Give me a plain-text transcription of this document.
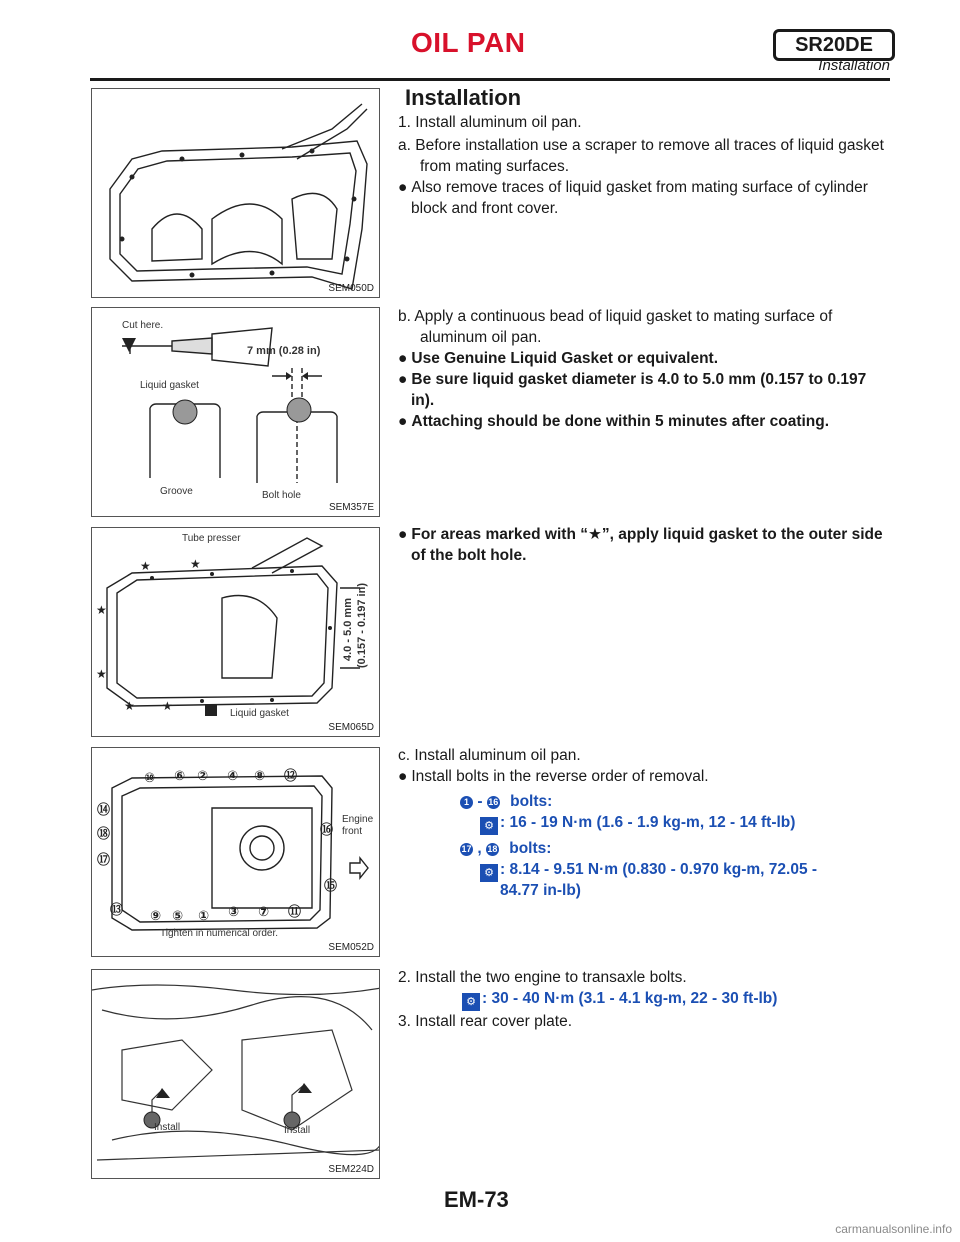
OIL PAN	SR20DE
Installation
SEM050D
Cut here.
7 mm (0.28 in)
Liquid gasket
Groove	Bolt hole
SEM357E
★	★
★
★
★ ★
Tube presser
4.0 - 5.0 mm (0.157 - 0.197 in)
Liquid gasket
SEM065D
⑩ ⑥ ② ④ ⑧ ⑫
⑭
⑱
⑰
⑯
⑮
⑬ ⑨ ⑤ ① ③ ⑦ ⑪
Engine
front
Tighten in numerical order.
SEM052D
Install	Install
SEM224D
Installation
1. Install aluminum oil pan.
a. Before installation use a scraper to remove all traces of liquid gasket from mating surfaces.
● Also remove traces of liquid gasket from mating surface of cylinder block and front cover.
b. Apply a continuous bead of liquid gasket to mating surface of aluminum oil pan.
● Use Genuine Liquid Gasket or equivalent.
● Be sure liquid gasket diameter is 4.0 to 5.0 mm (0.157 to 0.197 in).
● Attaching should be done within 5 minutes after coating.
● For areas marked with “★”, apply liquid gasket to the outer side of the bolt hole.
c. Install aluminum oil pan.
● Install bolts in the reverse order of removal.
1 - 16 bolts:
⚙ : 16 - 19 N·m (1.6 - 1.9 kg-m, 12 - 14 ft-lb)
17 , 18 bolts:
⚙ : 8.14 - 9.51 N·m (0.830 - 0.970 kg-m, 72.05 -
84.77 in-lb)
2. Install the two engine to transaxle bolts.
⚙ : 30 - 40 N·m (3.1 - 4.1 kg-m, 22 - 30 ft-lb)
3. Install rear cover plate.
EM-73
carmanualsonline.info
